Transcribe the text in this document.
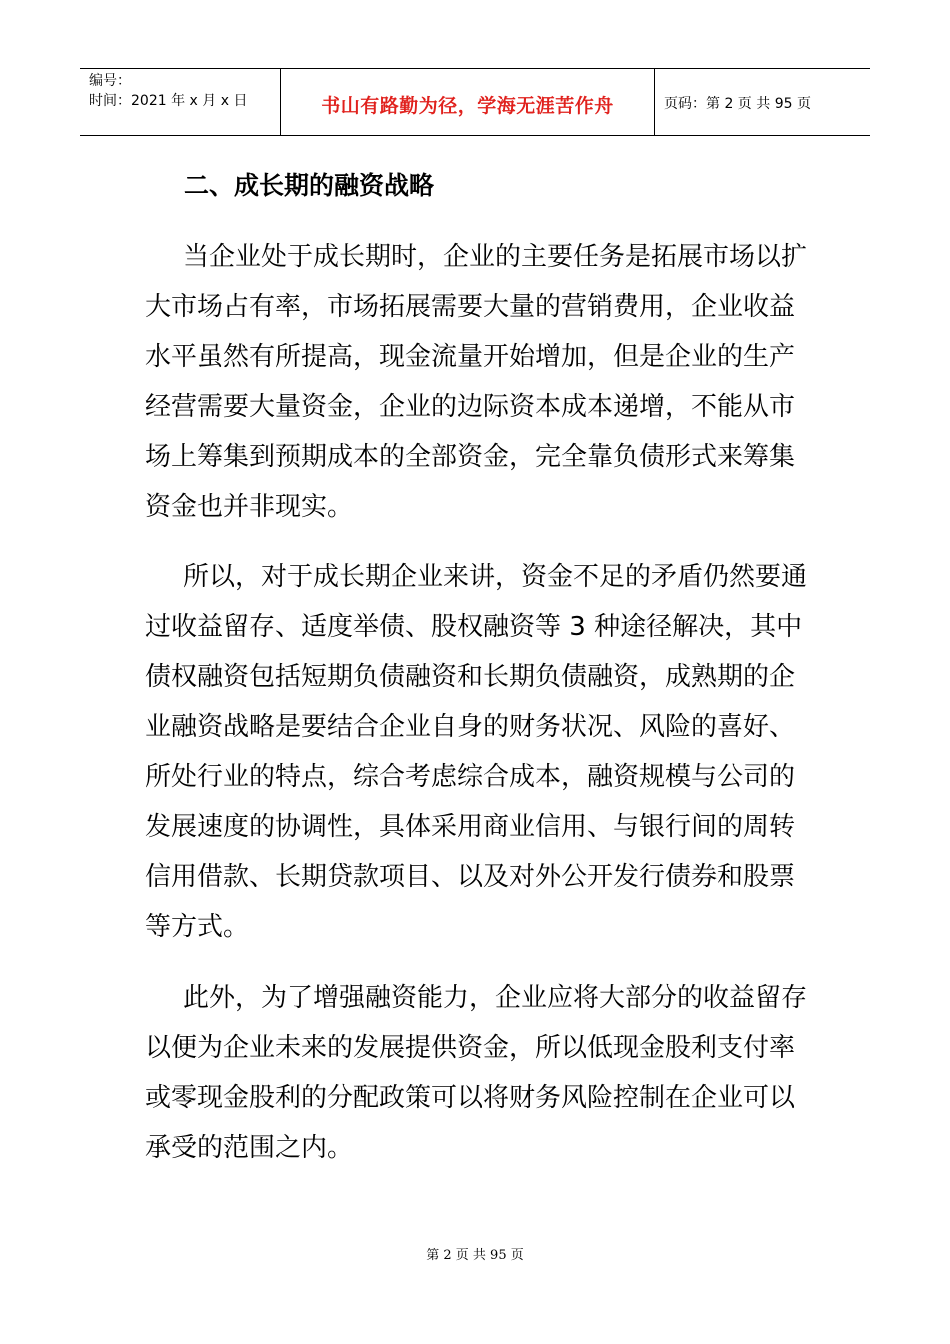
编号：
时间：2021 年 x 月 x 日	书山有路勤为径，学海无涯苦作舟	页码：第 2 页 共 95 页
二、成长期的融资战略

当企业处于成长期时，企业的主要任务是拓展市场以扩大市场占有率，市场拓展需要大量的营销费用，企业收益水平虽然有所提高，现金流量开始增加，但是企业的生产经营需要大量资金，企业的边际资本成本递增，不能从市场上筹集到预期成本的全部资金，完全靠负债形式来筹集资金也并非现实。

所以，对于成长期企业来讲，资金不足的矛盾仍然要通过收益留存、适度举债、股权融资等 3 种途径解决，其中债权融资包括短期负债融资和长期负债融资，成熟期的企业融资战略是要结合企业自身的财务状况、风险的喜好、所处行业的特点，综合考虑综合成本，融资规模与公司的发展速度的协调性，具体采用商业信用、与银行间的周转信用借款、长期贷款项目、以及对外公开发行债券和股票等方式。

此外，为了增强融资能力，企业应将大部分的收益留存以便为企业未来的发展提供资金，所以低现金股利支付率或零现金股利的分配政策可以将财务风险控制在企业可以承受的范围之内。

第 2 页 共 95 页
